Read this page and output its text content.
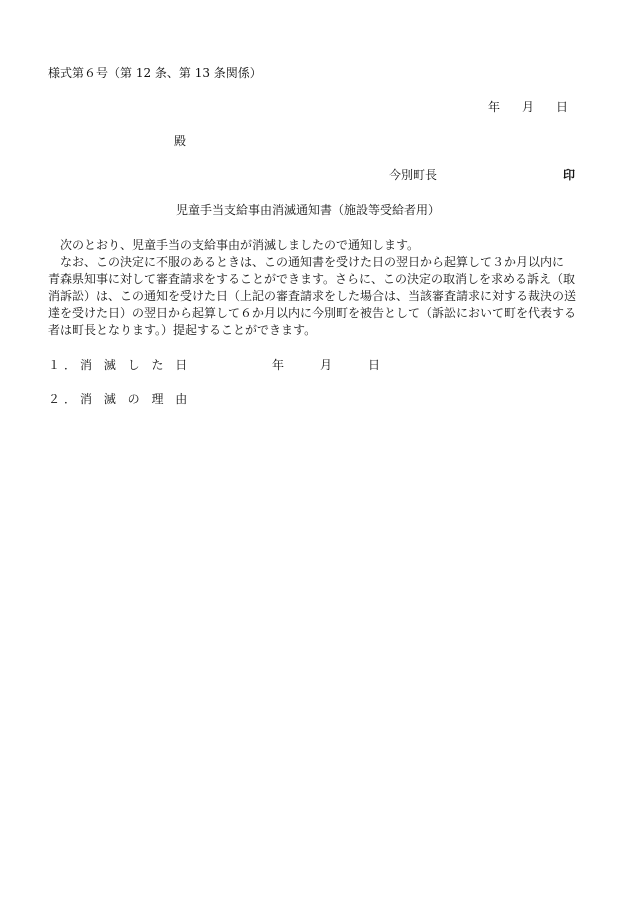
様式第６号（第 12 条、第 13 条関係）
年 月 日
殿
今別町長	印
児童手当支給事由消滅通知書（施設等受給者用）
次のとおり、児童手当の支給事由が消滅しましたので通知します。
なお、この決定に不服のあるときは、この通知書を受けた日の翌日から起算して３か月以内に
青森県知事に対して審査請求をすることができます。さらに、この決定の取消しを求める訴え（取
消訴訟）は、この通知を受けた日（上記の審査請求をした場合は、当該審査請求に対する裁決の送
達を受けた日）の翌日から起算して６か月以内に今別町を被告として（訴訟において町を代表する
者は町長となります。）提起することができます。
１．消 滅 し た 日	年	月	日
２．消 滅 の 理 由
